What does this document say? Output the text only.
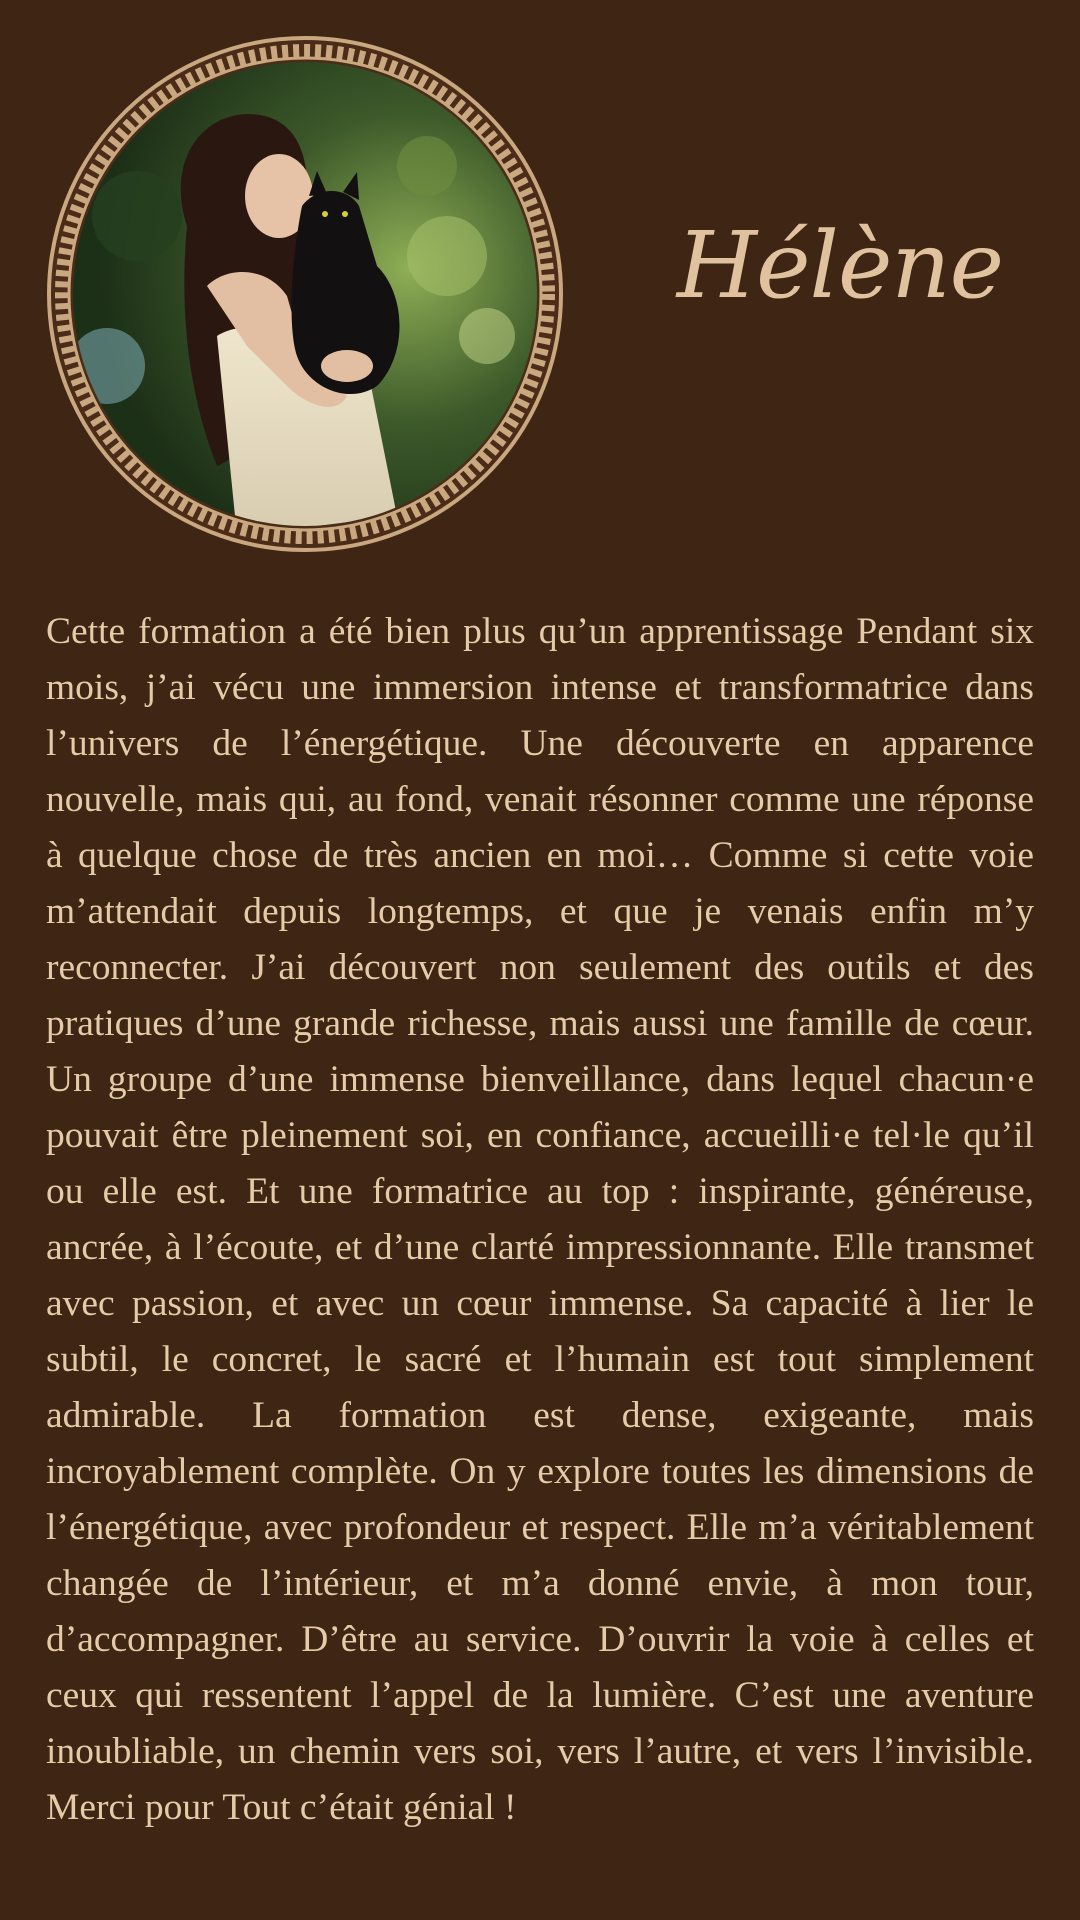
Hélène

Cette formation a été bien plus qu’un apprentissage Pendant six mois, j’ai vécu une immersion intense et transformatrice dans l’univers de l’énergétique. Une découverte en apparence nouvelle, mais qui, au fond, venait résonner comme une réponse à quelque chose de très ancien en moi… Comme si cette voie m’attendait depuis longtemps, et que je venais enfin m’y reconnecter. J’ai découvert non seulement des outils et des pratiques d’une grande richesse, mais aussi une famille de cœur. Un groupe d’une immense bienveillance, dans lequel chacun·e pouvait être pleinement soi, en confiance, accueilli·e tel·le qu’il ou elle est. Et une formatrice au top : inspirante, généreuse, ancrée, à l’écoute, et d’une clarté impressionnante. Elle transmet avec passion, et avec un cœur immense. Sa capacité à lier le subtil, le concret, le sacré et l’humain est tout simplement admirable. La formation est dense, exigeante, mais incroyablement complète. On y explore toutes les dimensions de l’énergétique, avec profondeur et respect. Elle m’a véritablement changée de l’intérieur, et m’a donné envie, à mon tour, d’accompagner. D’être au service. D’ouvrir la voie à celles et ceux qui ressentent l’appel de la lumière. C’est une aventure inoubliable, un chemin vers soi, vers l’autre, et vers l’invisible. Merci pour Tout c’était génial !
